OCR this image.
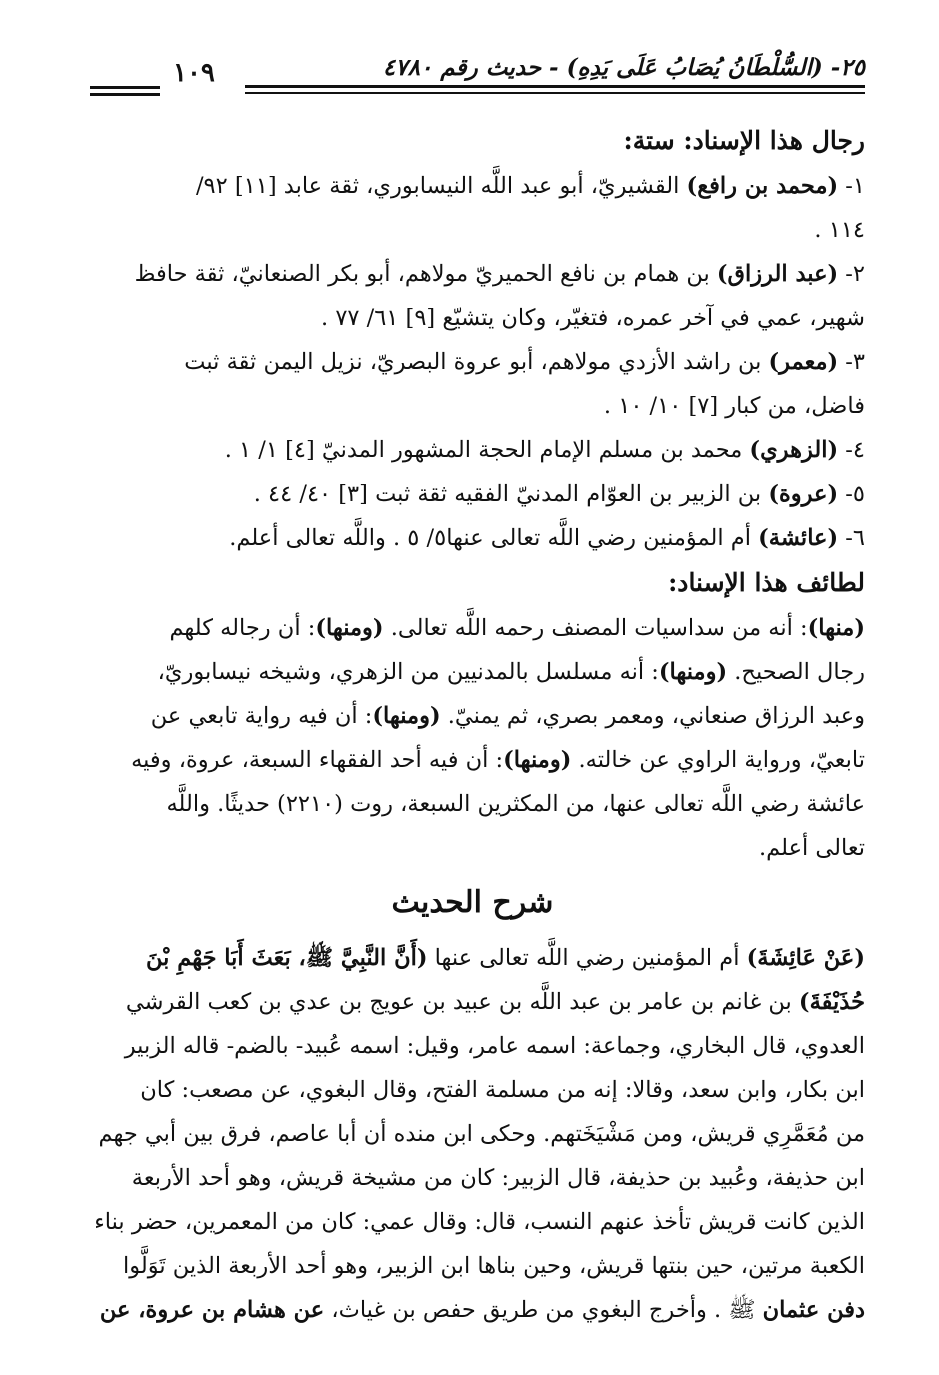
٢٥- (السُّلْطَانُ يُصَابُ عَلَى يَدِهِ) - حديث رقم ٤٧٨٠
١٠٩
رجال هذا الإسناد: ستة:
١- (محمد بن رافع) القشيريّ، أبو عبد اللَّه النيسابوري، ثقة عابد [١١] ٩٢/
١١٤ .
٢- (عبد الرزاق) بن همام بن نافع الحميريّ مولاهم، أبو بكر الصنعانيّ، ثقة حافظ
شهير، عمي في آخر عمره، فتغيّر، وكان يتشيّع [٩] ٦١/ ٧٧ .
٣- (معمر) بن راشد الأزدي مولاهم، أبو عروة البصريّ، نزيل اليمن ثقة ثبت
فاضل، من كبار [٧] ١٠/ ١٠ .
٤- (الزهري) محمد بن مسلم الإمام الحجة المشهور المدنيّ [٤] ١/ ١ .
٥- (عروة) بن الزبير بن العوّام المدنيّ الفقيه ثقة ثبت [٣] ٤٠/ ٤٤ .
٦- (عائشة) أم المؤمنين رضي اللَّه تعالى عنها٥/ ٥ . واللَّه تعالى أعلم.
لطائف هذا الإسناد:
(منها): أنه من سداسيات المصنف رحمه اللَّه تعالى. (ومنها): أن رجاله كلهم
رجال الصحيح. (ومنها): أنه مسلسل بالمدنيين من الزهري، وشيخه نيسابوريّ،
وعبد الرزاق صنعاني، ومعمر بصري، ثم يمنيّ. (ومنها): أن فيه رواية تابعي عن
تابعيّ، ورواية الراوي عن خالته. (ومنها): أن فيه أحد الفقهاء السبعة، عروة، وفيه
عائشة رضي اللَّه تعالى عنها، من المكثرين السبعة، روت (٢٢١٠) حديثًا. واللَّه
تعالى أعلم.
شرح الحديث
(عَنْ عَائِشَةَ) أم المؤمنين رضي اللَّه تعالى عنها (أَنَّ النَّبِيَّ ﷺ، بَعَثَ أَبَا جَهْمِ بْنَ
حُذَيْفَةَ) بن غانم بن عامر بن عبد اللَّه بن عبيد بن عويج بن عدي بن كعب القرشي
العدوي، قال البخاري، وجماعة: اسمه عامر، وقيل: اسمه عُبيد- بالضم- قاله الزبير
ابن بكار، وابن سعد، وقالا: إنه من مسلمة الفتح، وقال البغوي، عن مصعب: كان
من مُعَمَّرِي قريش، ومن مَشْيَخَتهم. وحكى ابن منده أن أبا عاصم، فرق بين أبي جهم
ابن حذيفة، وعُبيد بن حذيفة، قال الزبير: كان من مشيخة قريش، وهو أحد الأربعة
الذين كانت قريش تأخذ عنهم النسب، قال: وقال عمي: كان من المعمرين، حضر بناء
الكعبة مرتين، حين بنتها قريش، وحين بناها ابن الزبير، وهو أحد الأربعة الذين تَوَلَّوا
دفن عثمان ﷺ . وأخرج البغوي من طريق حفص بن غياث، عن هشام بن عروة، عن
